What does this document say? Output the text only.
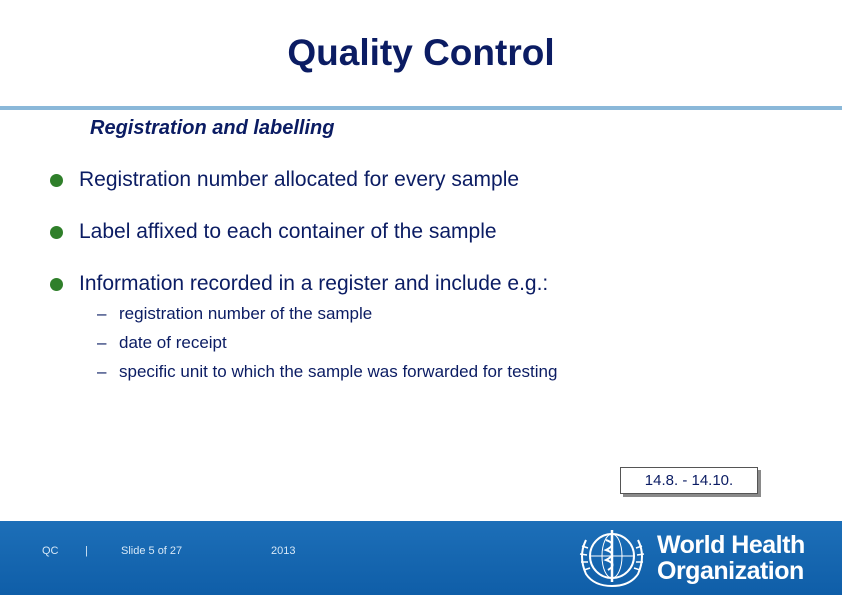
Quality Control
Registration and labelling
Registration number allocated for every sample
Label affixed to each container of the sample
Information recorded in a register and include e.g.:
– registration number of the sample
– date of receipt
– specific unit to which the sample was forwarded for testing
14.8. - 14.10.
QC |	Slide 5 of 27	2013	World Health
Organization
